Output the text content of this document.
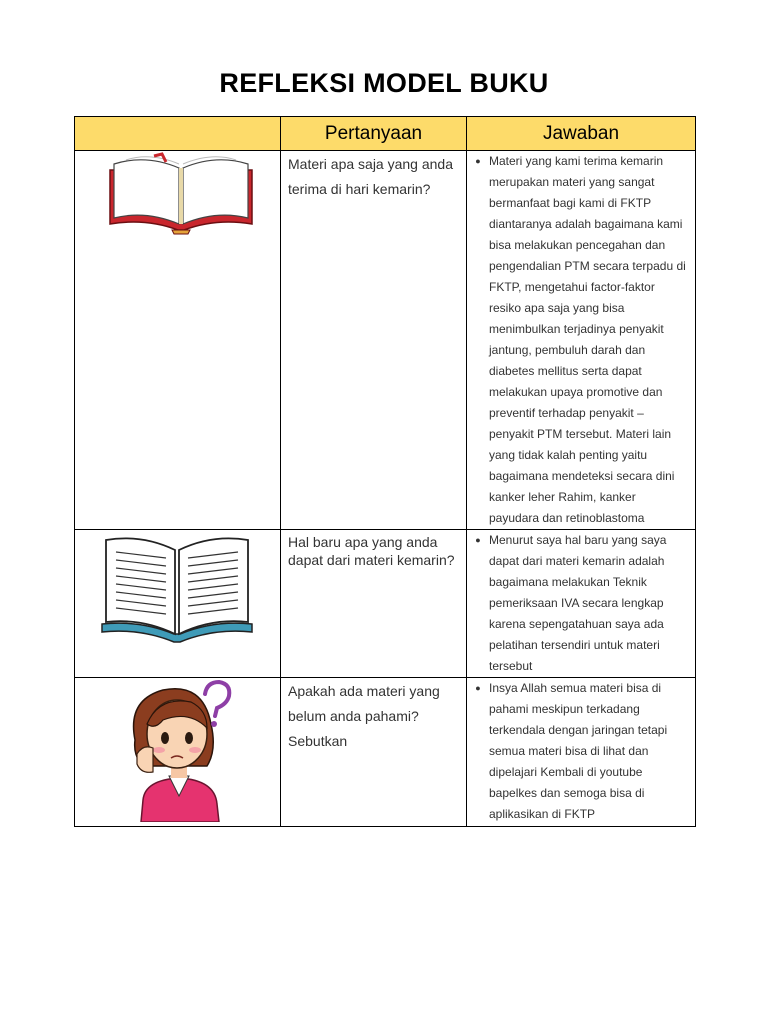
REFLEKSI MODEL BUKU
	Pertanyaan	Jawaban

Materi apa saja yang anda terima di hari kemarin?	● Materi yang kami terima kemarin merupakan materi yang sangat bermanfaat bagi kami di FKTP diantaranya adalah bagaimana kami bisa melakukan pencegahan dan pengendalian PTM secara terpadu di FKTP, mengetahui factor-faktor resiko apa saja yang bisa menimbulkan terjadinya penyakit jantung, pembuluh darah dan diabetes mellitus serta dapat melakukan upaya promotive dan preventif terhadap penyakit – penyakit PTM tersebut. Materi lain yang tidak kalah penting yaitu bagaimana mendeteksi secara dini kanker leher Rahim, kanker payudara dan retinoblastoma

Hal baru apa yang anda dapat dari materi kemarin?	● Menurut saya hal baru yang saya dapat dari materi kemarin adalah bagaimana melakukan Teknik pemeriksaan IVA secara lengkap karena sepengatahuan saya ada pelatihan tersendiri untuk materi tersebut

Apakah ada materi yang belum anda pahami? Sebutkan	● Insya Allah semua materi bisa di pahami meskipun terkadang terkendala dengan jaringan tetapi semua materi bisa di lihat dan dipelajari Kembali di youtube bapelkes dan semoga bisa di aplikasikan di FKTP
